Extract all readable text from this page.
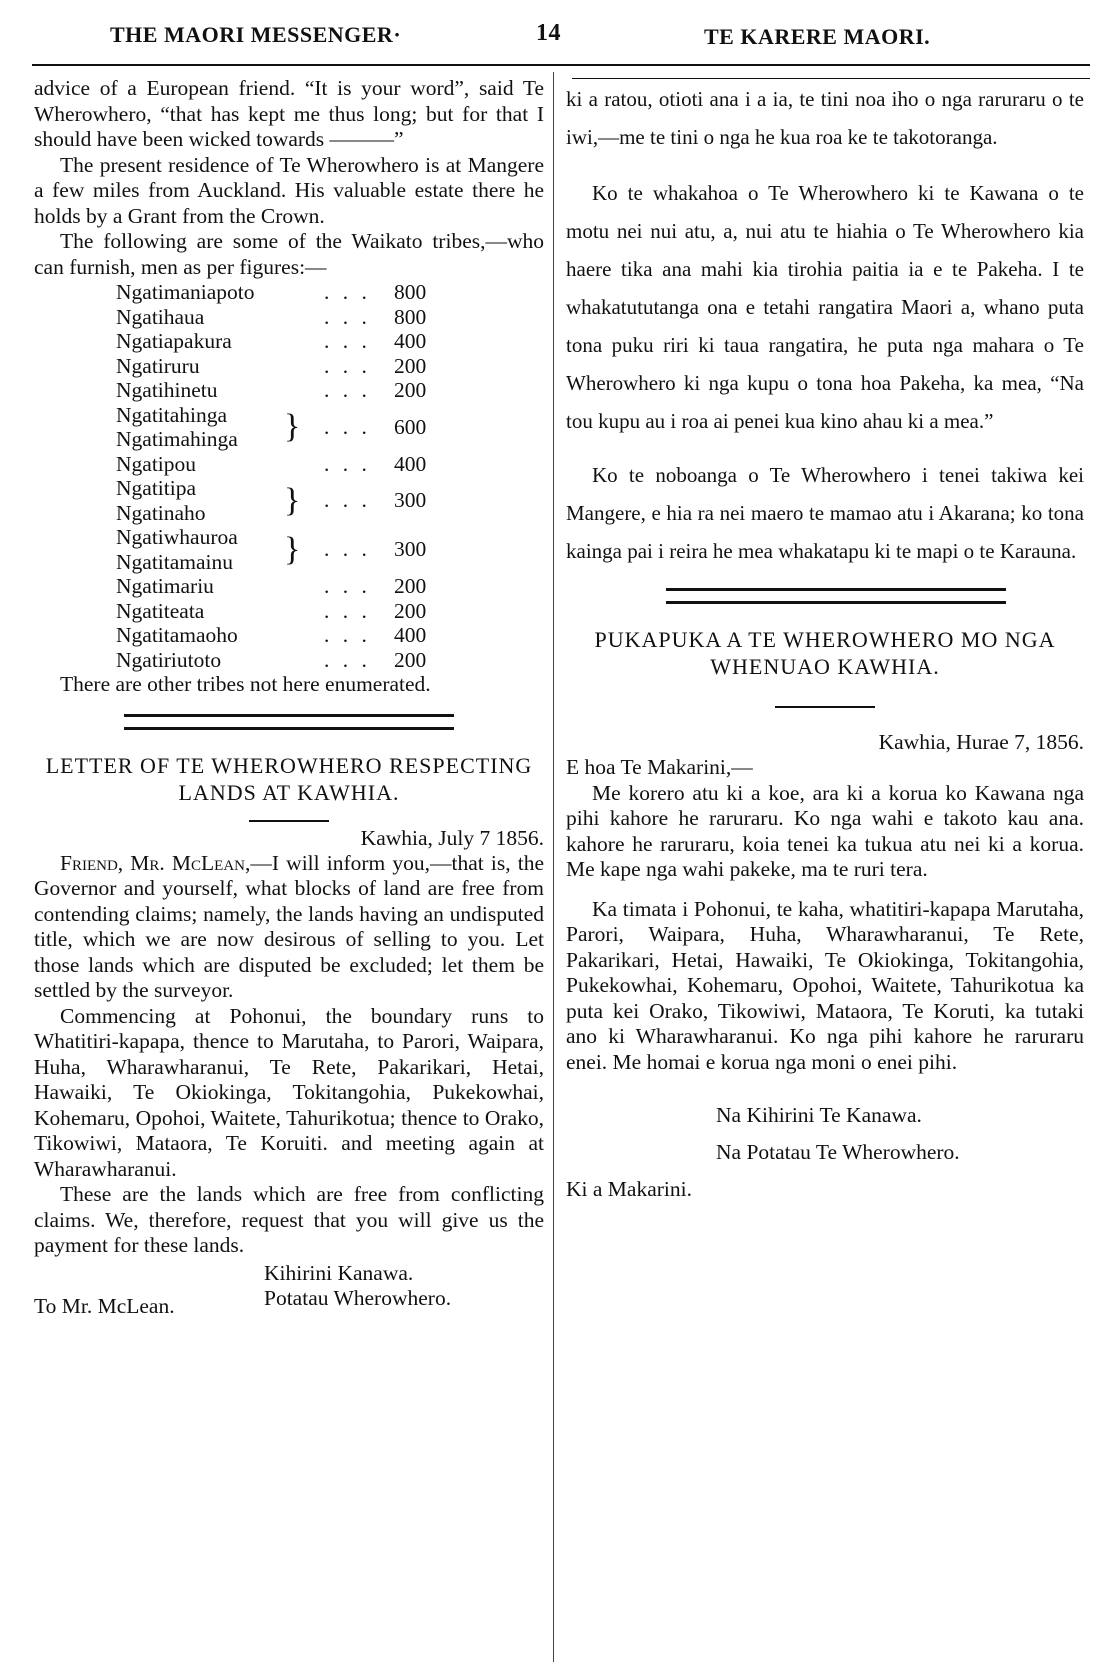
THE MAORI MESSENGER·	14	TE KARERE MAORI.

advice of a European friend. “It is your word”, said Te Wherowhero, “that has kept me thus long; but for that I should have been wicked towards ———”

The present residence of Te Wherowhero is at Mangere a few miles from Auckland. His valuable estate there he holds by a Grant from the Crown.

The following are some of the Waikato tribes,—who can furnish, men as per figures:—

Ngatimaniapoto		. . .	800
Ngatihaua		. . .	800
Ngatiapakura		. . .	400
Ngatiruru		. . .	200
Ngatihinetu		. . .	200
Ngatitahinga	}	. . .	600
Ngatimahinga			
Ngatipou		. . .	400
Ngatitipa	}	. . .	300
Ngatinaho			
Ngatiwhauroa	}	. . .	300
Ngatitamainu			
Ngatimariu		. . .	200
Ngatiteata		. . .	200
Ngatitamaoho		. . .	400
Ngatiriutoto		. . .	200

There are other tribes not here enumerated.

LETTER OF TE WHEROWHERO RESPECTING LANDS AT KAWHIA.

Kawhia, July 7 1856.

Friend, Mr. McLean,—I will inform you,—that is, the Governor and yourself, what blocks of land are free from contending claims; namely, the lands having an undisputed title, which we are now desirous of selling to you. Let those lands which are disputed be excluded; let them be settled by the surveyor.

Commencing at Pohonui, the boundary runs to Whatitiri-kapapa, thence to Marutaha, to Parori, Waipara, Huha, Wharawharanui, Te Rete, Pakarikari, Hetai, Hawaiki, Te Okiokinga, Tokitangohia, Pukekowhai, Kohemaru, Opohoi, Waitete, Tahurikotua; thence to Orako, Tikowiwi, Mataora, Te Koruiti. and meeting again at Wharawharanui.

These are the lands which are free from conflicting claims. We, therefore, request that you will give us the payment for these lands.

Kihirini Kanawa.

To Mr. McLean.	Potatau Wherowhero.

ki a ratou, otioti ana i a ia, te tini noa iho o nga raruraru o te iwi,—me te tini o nga he kua roa ke te takotoranga.

Ko te whakahoa o Te Wherowhero ki te Kawana o te motu nei nui atu, a, nui atu te hiahia o Te Wherowhero kia haere tika ana mahi kia tirohia paitia ia e te Pakeha. I te whakatututanga ona e tetahi rangatira Maori a, whano puta tona puku riri ki taua rangatira, he puta nga mahara o Te Wherowhero ki nga kupu o tona hoa Pakeha, ka mea, “Na tou kupu au i roa ai penei kua kino ahau ki a mea.”

Ko te noboanga o Te Wherowhero i tenei takiwa kei Mangere, e hia ra nei maero te mamao atu i Akarana; ko tona kainga pai i reira he mea whakatapu ki te mapi o te Karauna.

PUKAPUKA A TE WHEROWHERO MO NGA WHENUAO KAWHIA.

Kawhia, Hurae 7, 1856.

E hoa Te Makarini,—

Me korero atu ki a koe, ara ki a korua ko Kawana nga pihi kahore he raruraru. Ko nga wahi e takoto kau ana. kahore he raruraru, koia tenei ka tukua atu nei ki a korua. Me kape nga wahi pakeke, ma te ruri tera.

Ka timata i Pohonui, te kaha, whatitiri-kapapa Marutaha, Parori, Waipara, Huha, Wharawharanui, Te Rete, Pakarikari, Hetai, Hawaiki, Te Okiokinga, Tokitangohia, Pukekowhai, Kohemaru, Opohoi, Waitete, Tahurikotua ka puta kei Orako, Tikowiwi, Mataora, Te Koruti, ka tutaki ano ki Wharawharanui. Ko nga pihi kahore he raruraru enei. Me homai e korua nga moni o enei pihi.

Na Kihirini Te Kanawa.

Na Potatau Te Wherowhero.

Ki a Makarini.
